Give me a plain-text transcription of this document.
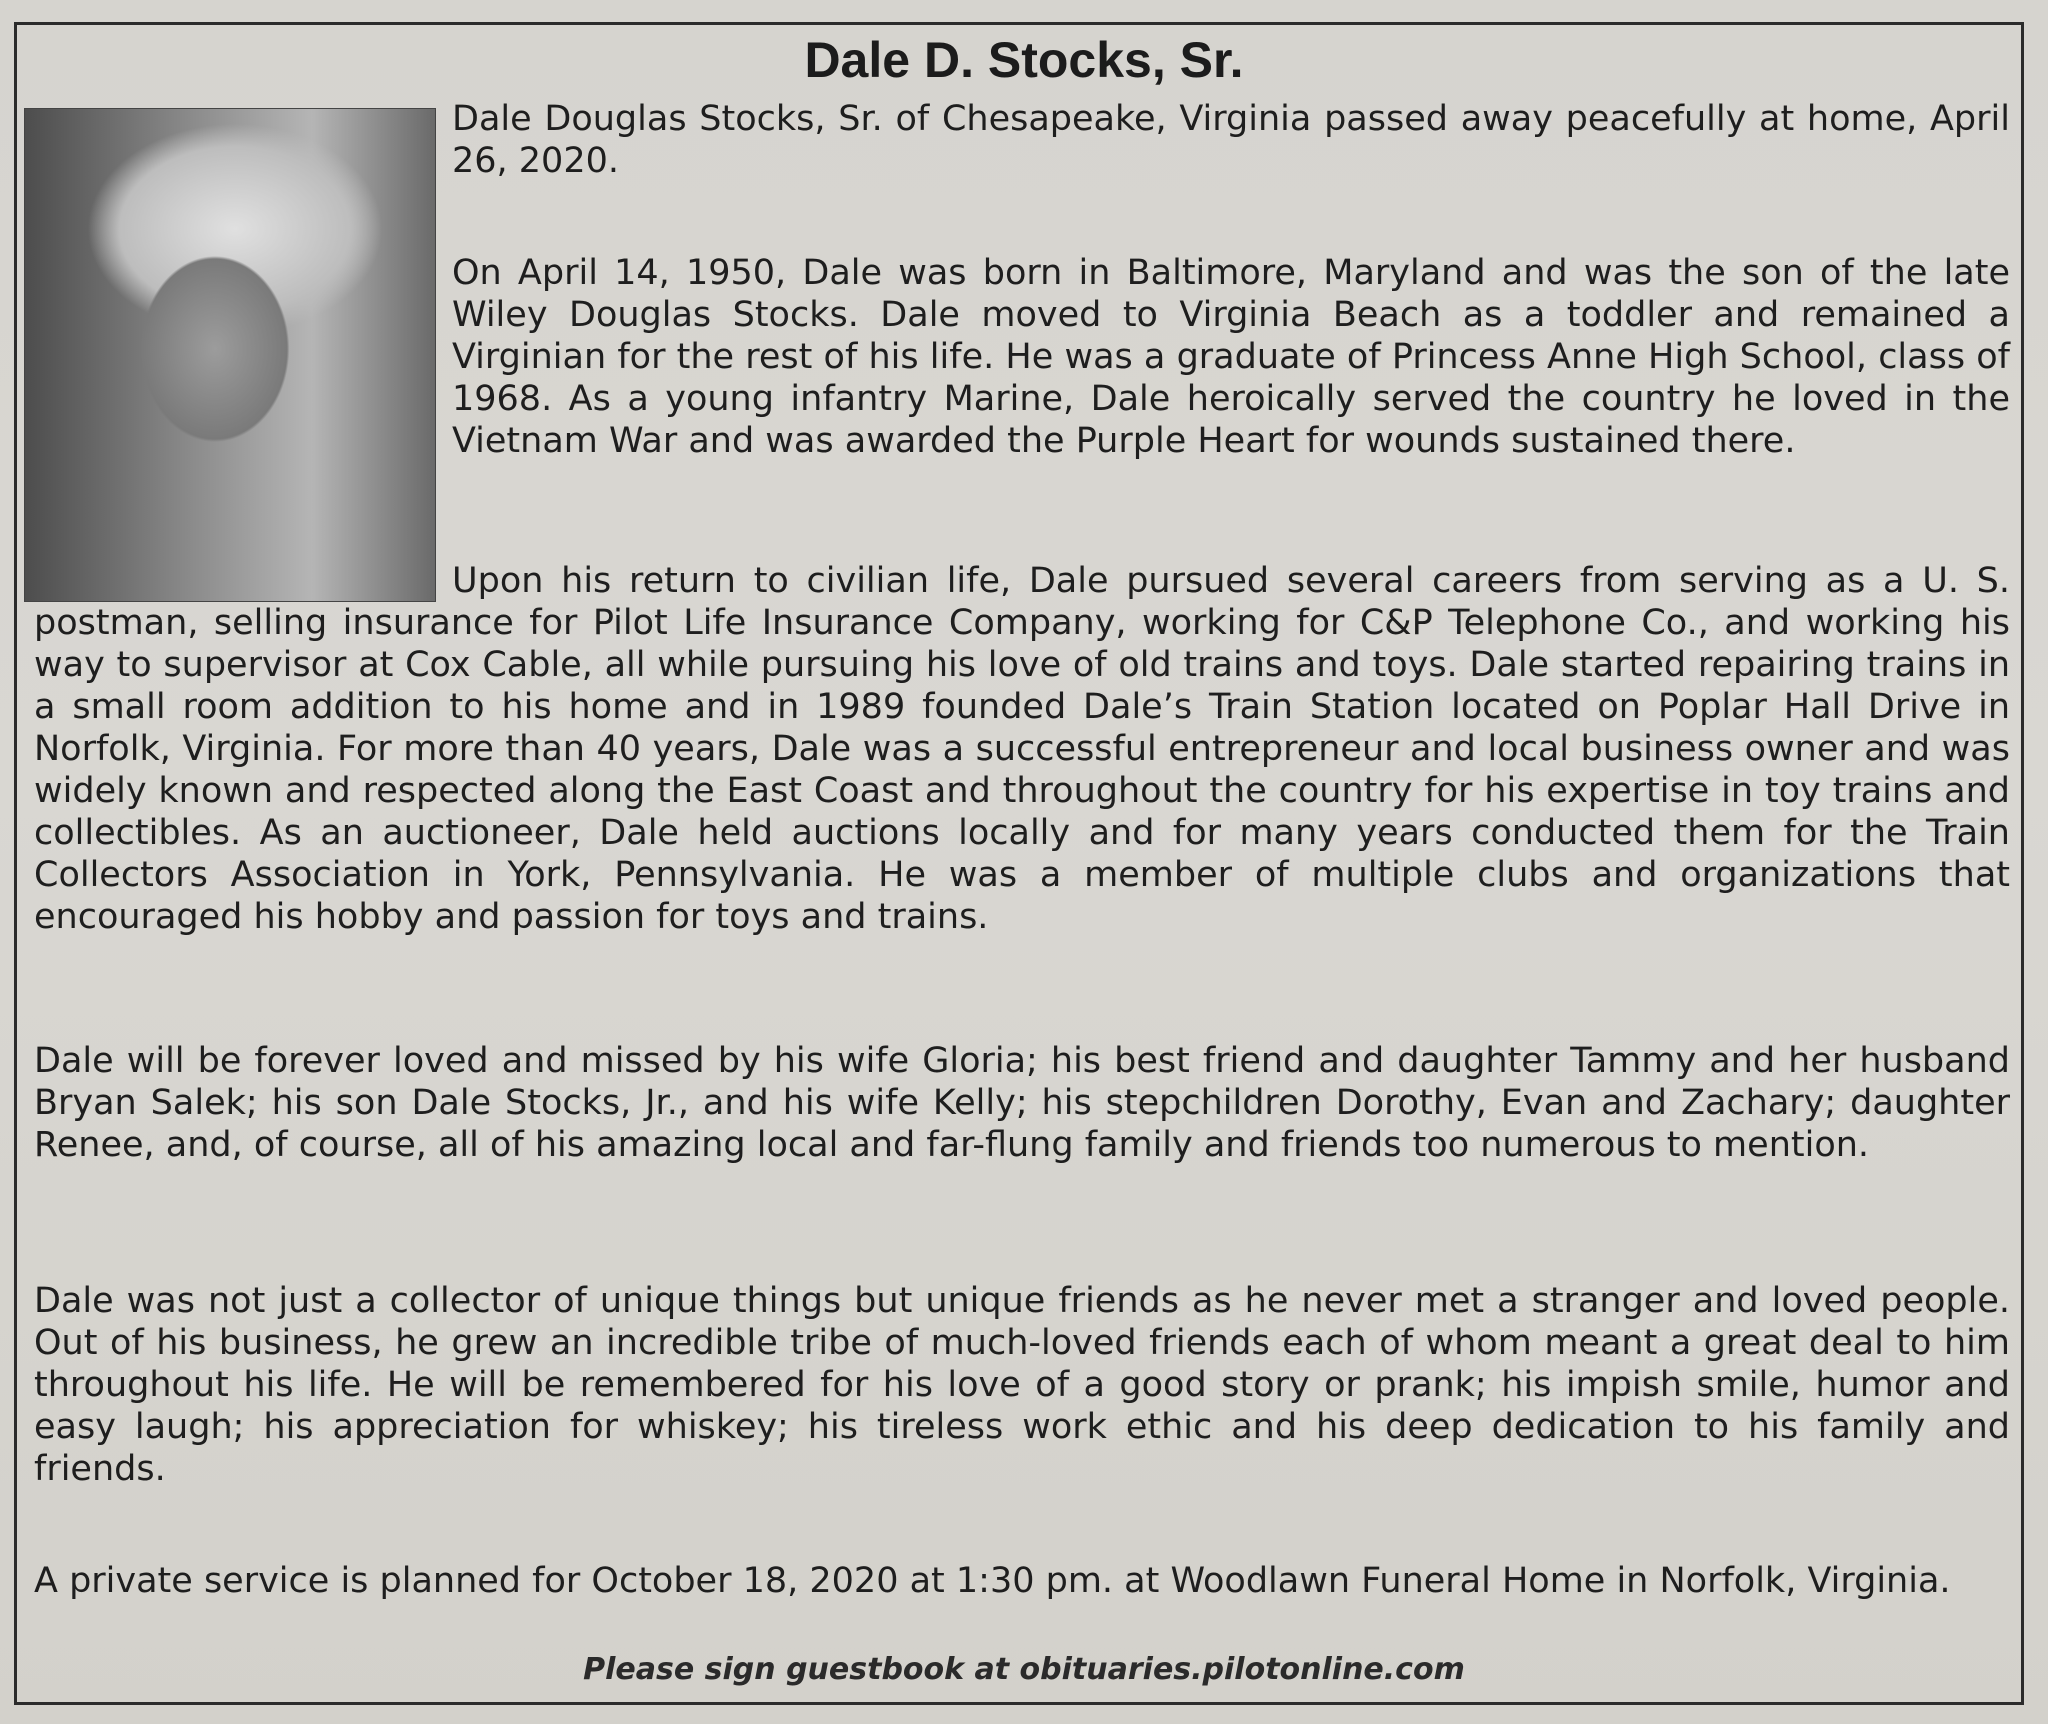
Dale D. Stocks, Sr.
Dale Douglas Stocks, Sr. of Chesapeake, Virginia passed away peacefully at home, April 26, 2020.
On April 14, 1950, Dale was born in Baltimore, Maryland and was the son of the late Wiley Douglas Stocks. Dale moved to Virginia Beach as a toddler and remained a Virginian for the rest of his life. He was a graduate of Princess Anne High School, class of 1968. As a young infantry Marine, Dale heroically served the country he loved in the Vietnam War and was awarded the Purple Heart for wounds sustained there.
Upon his return to civilian life, Dale pursued several careers from serving as a U. S. postman, selling insurance for Pilot Life Insurance Company, working for C&P Telephone Co., and working his way to supervisor at Cox Cable, all while pursuing his love of old trains and toys. Dale started repairing trains in a small room addition to his home and in 1989 founded Dale’s Train Station located on Poplar Hall Drive in Norfolk, Virginia. For more than 40 years, Dale was a successful entrepreneur and local business owner and was widely known and respected along the East Coast and throughout the country for his expertise in toy trains and collectibles. As an auctioneer, Dale held auctions locally and for many years conducted them for the Train Collectors Association in York, Pennsylvania. He was a member of multiple clubs and organizations that encouraged his hobby and passion for toys and trains.
Dale will be forever loved and missed by his wife Gloria; his best friend and daughter Tammy and her husband Bryan Salek; his son Dale Stocks, Jr., and his wife Kelly; his stepchildren Dorothy, Evan and Zachary; daughter Renee, and, of course, all of his amazing local and far-flung family and friends too numerous to mention.
Dale was not just a collector of unique things but unique friends as he never met a stranger and loved people. Out of his business, he grew an incredible tribe of much-loved friends each of whom meant a great deal to him throughout his life. He will be remembered for his love of a good story or prank; his impish smile, humor and easy laugh; his appreciation for whiskey; his tireless work ethic and his deep dedication to his family and friends.
A private service is planned for October 18, 2020 at 1:30 pm. at Woodlawn Funeral Home in Norfolk, Virginia.
Please sign guestbook at obituaries.pilotonline.com
